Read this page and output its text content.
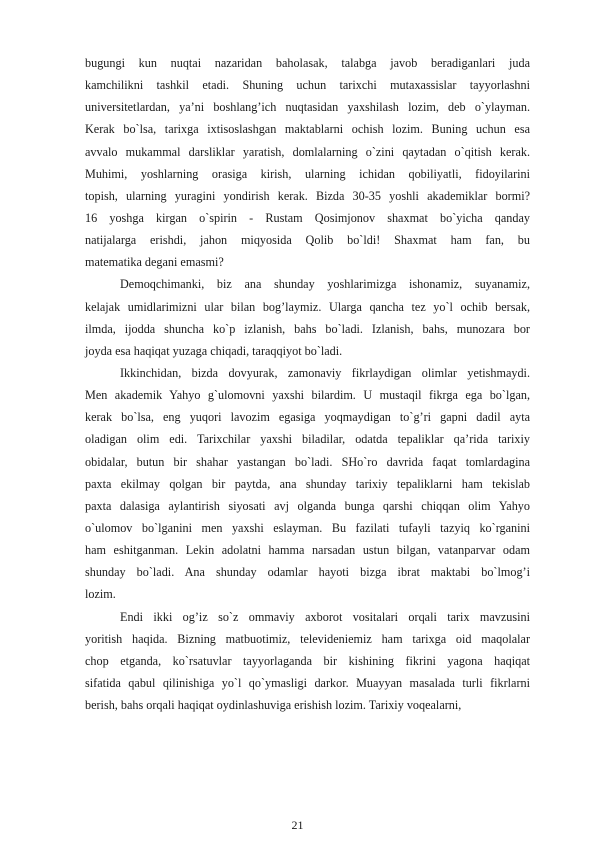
bugungi kun nuqtai nazaridan baholasak, talabga javob beradiganlari juda
kamchilikni tashkil etadi. Shuning uchun tarixchi mutaxassislar tayyorlashni
universitetlardan, ya’ni boshlang’ich nuqtasidan yaxshilash lozim, deb o`ylayman.
Kerak bo`lsa, tarixga ixtisoslashgan maktablarni ochish lozim. Buning uchun esa
avvalo mukammal darsliklar yaratish, domlalarning o`zini qaytadan o`qitish kerak.
Muhimi, yoshlarning orasiga kirish, ularning ichidan qobiliyatli, fidoyilarini
topish, ularning yuragini yondirish kerak. Bizda 30-35 yoshli akademiklar bormi?
16 yoshga kirgan o`spirin - Rustam Qosimjonov shaxmat bo`yicha qanday
natijalarga erishdi, jahon miqyosida Qolib bo`ldi! Shaxmat ham fan, bu
matematika degani emasmi?
Demoqchimanki, biz ana shunday yoshlarimizga ishonamiz, suyanamiz,
kelajak umidlarimizni ular bilan bog’laymiz. Ularga qancha tez yo`l ochib bersak,
ilmda, ijodda shuncha ko`p izlanish, bahs bo`ladi. Izlanish, bahs, munozara bor
joyda esa haqiqat yuzaga chiqadi, taraqqiyot bo`ladi.
Ikkinchidan, bizda dovyurak, zamonaviy fikrlaydigan olimlar yetishmaydi.
Men akademik Yahyo g`ulomovni yaxshi bilardim. U mustaqil fikrga ega bo`lgan,
kerak bo`lsa, eng yuqori lavozim egasiga yoqmaydigan to`g’ri gapni dadil ayta
oladigan olim edi. Tarixchilar yaxshi biladilar, odatda tepaliklar qa’rida tarixiy
obidalar, butun bir shahar yastangan bo`ladi. SHo`ro davrida faqat tomlardagina
paxta ekilmay qolgan bir paytda, ana shunday tarixiy tepaliklarni ham tekislab
paxta dalasiga aylantirish siyosati avj olganda bunga qarshi chiqqan olim Yahyo
o`ulomov bo`lganini men yaxshi eslayman. Bu fazilati tufayli tazyiq ko`rganini
ham eshitganman. Lekin adolatni hamma narsadan ustun bilgan, vatanparvar odam
shunday bo`ladi. Ana shunday odamlar hayoti bizga ibrat maktabi bo`lmog’i
lozim.
Endi ikki og’iz so`z ommaviy axborot vositalari orqali tarix mavzusini
yoritish haqida. Bizning matbuotimiz, televideniemiz ham tarixga oid maqolalar
chop etganda, ko`rsatuvlar tayyorlaganda bir kishining fikrini yagona haqiqat
sifatida qabul qilinishiga yo`l qo`ymasligi darkor. Muayyan masalada turli fikrlarni
berish, bahs orqali haqiqat oydinlashuviga erishish lozim. Tarixiy voqealarni,
21
